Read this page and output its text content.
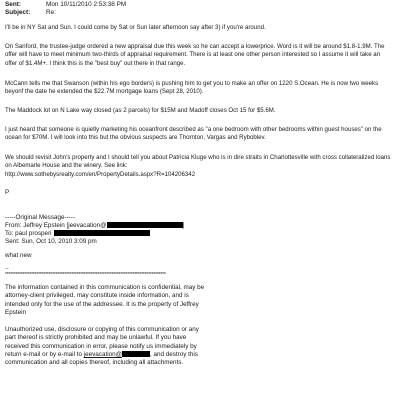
Sent:	Mon 10/11/2010 2:53:38 PM
Subject: Re:

I'll be in NY Sat and Sun. I could come by Sat or Sun later afternoon say after 3) if you're around.

On Sanford, the trustee-judge ordered a new appraisal due this week so he can accept a lowerprice. Word is it will be around $1.8-1.9M. The offer will have to meet minimum two-thirds of appraisal requirement. There is at least one other person interested so I assume it will take an offer of $1.4M+. I think this is the "best buy" out there in that range.

McCann tells me that Swanson (within his ego borders) is pushing him to get you to make an offer on 1220 S.Ocean. He is now two weeks beyonf the date he extended the $22.7M mortgage loans (Sept 28, 2010).

The Maddock lot on N Lake way closed (as 2 parcels) for $15M and Madoff closes Oct 15 for $5.6M.

I just heard that someone is quietly marketing his oceanfront described as "a one bedroom with other bedrooms within guest houses" on the ocean for $70M. I will look into this but the obvious suspects are Thornton, Vargas and Ryboblev.

We should revisit John's property and I should tell you about Patricia Kluge who is in dire straits in Charlottesville with cross collateralized loans on Albemarle House and the winery. See link:
http://www.sothebysrealty.com/en/PropertyDetails.aspx?R=104206342
P
-----Original Message-----
From: Jeffrey Epstein [jeevacation@	]
To: paul prosperi
Sent: Sun, Oct 10, 2010 3:09 pm
what new
--
********************************************************************************************

The information contained in this communication is confidential, may be attorney-client privileged, may constitute inside information, and is intended only for the use of the addressee. It is the property of Jeffrey Epstein

Unauthorized use, disclosure or copying of this communication or any part thereof is strictly prohibited and may be unlawful. If you have received this communication in error, please notify us immediately by return e-mail or by e-mail to jeevacation@	, and destroy this communication and all copies thereof, including all attachments.
